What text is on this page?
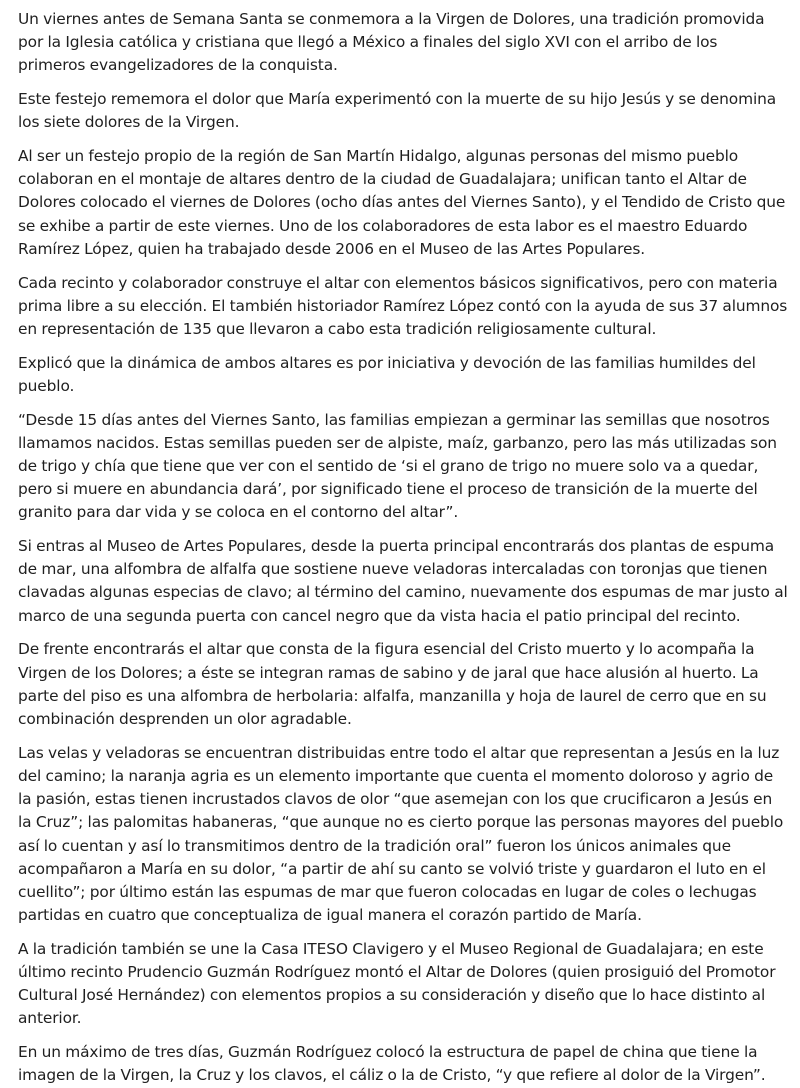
Un viernes antes de Semana Santa se conmemora a la Virgen de Dolores, una tradición promovida por la Iglesia católica y cristiana que llegó a México a finales del siglo XVI con el arribo de los primeros evangelizadores de la conquista.

Este festejo rememora el dolor que María experimentó con la muerte de su hijo Jesús y se denomina los siete dolores de la Virgen.

Al ser un festejo propio de la región de San Martín Hidalgo, algunas personas del mismo pueblo colaboran en el montaje de altares dentro de la ciudad de Guadalajara; unifican tanto el Altar de Dolores colocado el viernes de Dolores (ocho días antes del Viernes Santo), y el Tendido de Cristo que se exhibe a partir de este viernes. Uno de los colaboradores de esta labor es el maestro Eduardo Ramírez López, quien ha trabajado desde 2006 en el Museo de las Artes Populares.

Cada recinto y colaborador construye el altar con elementos básicos significativos, pero con materia prima libre a su elección. El también historiador Ramírez López contó con la ayuda de sus 37 alumnos en representación de 135 que llevaron a cabo esta tradición religiosamente cultural.

Explicó que la dinámica de ambos altares es por iniciativa y devoción de las familias humildes del pueblo.

“Desde 15 días antes del Viernes Santo, las familias empiezan a germinar las semillas que nosotros llamamos nacidos. Estas semillas pueden ser de alpiste, maíz, garbanzo, pero las más utilizadas son de trigo y chía que tiene que ver con el sentido de ‘si el grano de trigo no muere solo va a quedar, pero si muere en abundancia dará’, por significado tiene el proceso de transición de la muerte del granito para dar vida y se coloca en el contorno del altar”.

Si entras al Museo de Artes Populares, desde la puerta principal encontrarás dos plantas de espuma de mar, una alfombra de alfalfa que sostiene nueve veladoras intercaladas con toronjas que tienen clavadas algunas especias de clavo; al término del camino, nuevamente dos espumas de mar justo al marco de una segunda puerta con cancel negro que da vista hacia el patio principal del recinto.

De frente encontrarás el altar que consta de la figura esencial del Cristo muerto y lo acompaña la Virgen de los Dolores; a éste se integran ramas de sabino y de jaral que hace alusión al huerto. La parte del piso es una alfombra de herbolaria: alfalfa, manzanilla y hoja de laurel de cerro que en su combinación desprenden un olor agradable.

Las velas y veladoras se encuentran distribuidas entre todo el altar que representan a Jesús en la luz del camino; la naranja agria es un elemento importante que cuenta el momento doloroso y agrio de la pasión, estas tienen incrustados clavos de olor “que asemejan con los que crucificaron a Jesús en la Cruz”; las palomitas habaneras, “que aunque no es cierto porque las personas mayores del pueblo así lo cuentan y así lo transmitimos dentro de la tradición oral” fueron los únicos animales que acompañaron a María en su dolor, “a partir de ahí su canto se volvió triste y guardaron el luto en el cuellito”; por último están las espumas de mar que fueron colocadas en lugar de coles o lechugas partidas en cuatro que conceptualiza de igual manera el corazón partido de María.

A la tradición también se une la Casa ITESO Clavigero y el Museo Regional de Guadalajara; en este último recinto Prudencio Guzmán Rodríguez montó el Altar de Dolores (quien prosiguió del Promotor Cultural José Hernández) con elementos propios a su consideración y diseño que lo hace distinto al anterior.

En un máximo de tres días, Guzmán Rodríguez colocó la estructura de papel de china que tiene la imagen de la Virgen, la Cruz y los clavos, el cáliz o la de Cristo, “y que refiere al dolor de la Virgen”.
